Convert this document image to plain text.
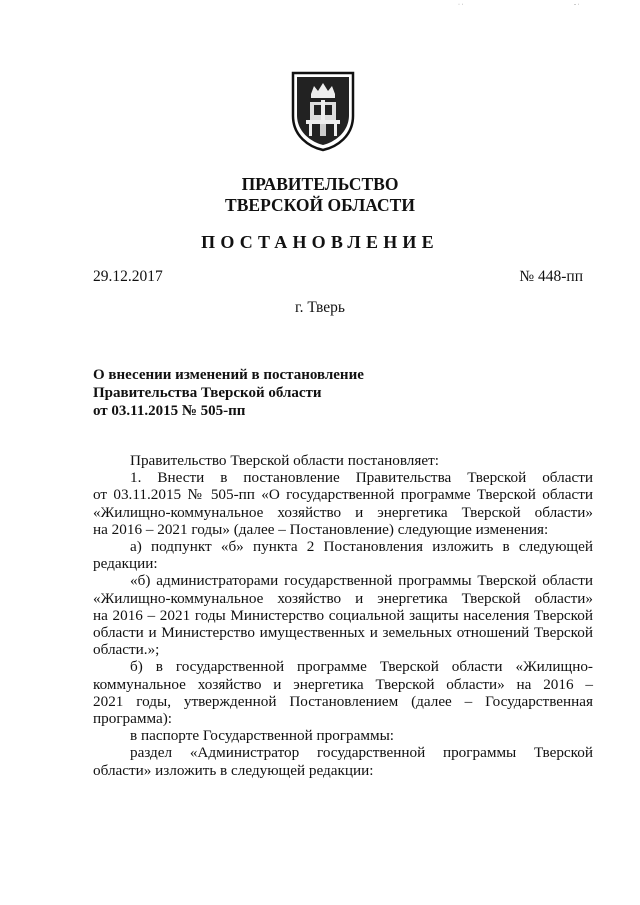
· ·	- ·
ПРАВИТЕЛЬСТВО
ТВЕРСКОЙ ОБЛАСТИ
ПОСТАНОВЛЕНИЕ
29.12.2017	№ 448-пп
г. Тверь
О внесении изменений в постановление
Правительства Тверской области
от 03.11.2015 № 505-пп
Правительство Тверской области постановляет:
1. Внести в постановление Правительства Тверской области
от 03.11.2015 № 505-пп «О государственной программе Тверской области
«Жилищно-коммунальное хозяйство и энергетика Тверской области»
на 2016 – 2021 годы» (далее – Постановление) следующие изменения:
а) подпункт «б» пункта 2 Постановления изложить в следующей
редакции:
«б) администраторами государственной программы Тверской области
«Жилищно-коммунальное хозяйство и энергетика Тверской области»
на 2016 – 2021 годы Министерство социальной защиты населения Тверской
области и Министерство имущественных и земельных отношений Тверской
области.»;
б) в государственной программе Тверской области «Жилищно-
коммунальное хозяйство и энергетика Тверской области» на 2016 –
2021 годы, утвержденной Постановлением (далее – Государственная
программа):
в паспорте Государственной программы:
раздел «Администратор государственной программы Тверской
области» изложить в следующей редакции:
